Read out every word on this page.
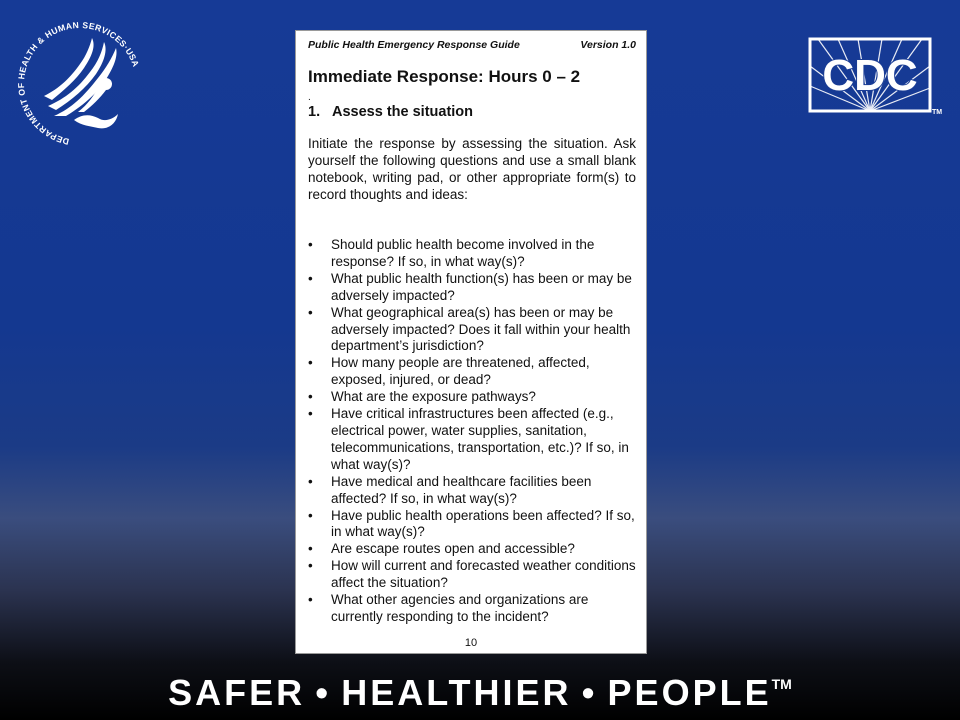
DEPARTMENT OF HEALTH & HUMAN SERVICES·USA	CDC
TM
Public Health Emergency Response Guide	Version 1.0
Immediate Response: Hours 0 – 2
.
1. Assess the situation
Initiate the response by assessing the situation. Ask yourself the following questions and use a small blank notebook, writing pad, or other appropriate form(s) to record thoughts and ideas:
•	Should public health become involved in the response? If so, in what way(s)?
•	What public health function(s) has been or may be adversely impacted?
•	What geographical area(s) has been or may be adversely impacted? Does it fall within your health department’s jurisdiction?
•	How many people are threatened, affected, exposed, injured, or dead?
•	What are the exposure pathways?
•	Have critical infrastructures been affected (e.g., electrical power, water supplies, sanitation, telecommunications, transportation, etc.)? If so, in what way(s)?
•	Have medical and healthcare facilities been affected? If so, in what way(s)?
•	Have public health operations been affected? If so, in what way(s)?
•	Are escape routes open and accessible?
•	How will current and forecasted weather conditions affect the situation?
•	What other agencies and organizations are currently responding to the incident?
10
SAFER • HEALTHIER • PEOPLE™
